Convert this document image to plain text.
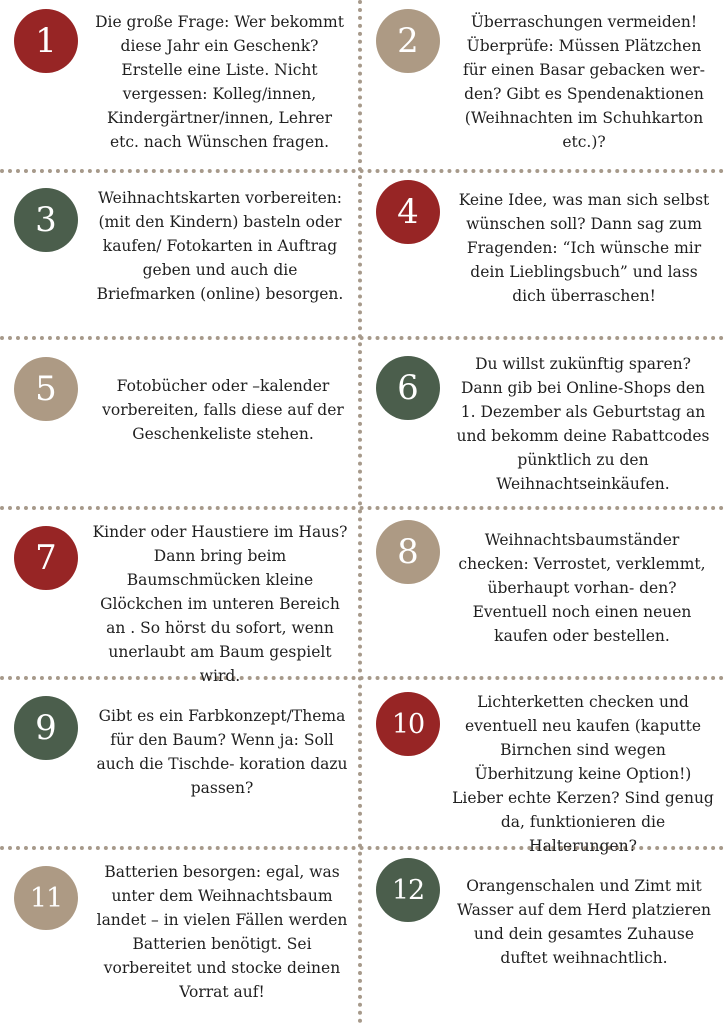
1	Die große Frage: Wer bekommt diese Jahr ein Geschenk? Erstelle eine Liste. Nicht vergessen: Kolleg/innen, Kindergärtner/innen, Lehrer etc. nach Wünschen fragen.
2	Überraschungen vermeiden! Überprüfe: Müssen Plätzchen für einen Basar gebacken wer- den? Gibt es Spendenaktionen (Weihnachten im Schuhkarton etc.)?
3
Weihnachtskarten vorbereiten: (mit den Kindern) basteln oder kaufen/ Fotokarten in Auftrag geben und auch die Briefmarken (online) besorgen.
4	Keine Idee, was man sich selbst wünschen soll? Dann sag zum Fragenden: “Ich wünsche mir dein Lieblingsbuch” und lass dich überraschen!
5	Fotobücher oder –kalender vorbereiten, falls diese auf der Geschenkeliste stehen.
6
Du willst zukünftig sparen? Dann gib bei Online-Shops den 1. Dezember als Geburtstag an und bekomm deine Rabattcodes pünktlich zu den Weihnachtseinkäufen.
7
Kinder oder Haustiere im Haus? Dann bring beim Baumschmücken kleine Glöckchen im unteren Bereich an . So hörst du sofort, wenn unerlaubt am Baum gespielt wird.
8	Weihnachtsbaumständer checken: Verrostet, verklemmt, überhaupt vorhan- den? Eventuell noch einen neuen kaufen oder bestellen.
9	Gibt es ein Farbkonzept/Thema für den Baum? Wenn ja: Soll auch die Tischde- koration dazu passen?
10
Lichterketten checken und eventuell neu kaufen (kaputte Birnchen sind wegen Überhitzung keine Option!) Lieber echte Kerzen? Sind genug da, funktionieren die Halterungen?
11
Batterien besorgen: egal, was unter dem Weihnachtsbaum landet – in vielen Fällen werden Batterien benötigt. Sei vorbereitet und stocke deinen Vorrat auf!
12	Orangenschalen und Zimt mit Wasser auf dem Herd platzieren und dein gesamtes Zuhause duftet weihnachtlich.
